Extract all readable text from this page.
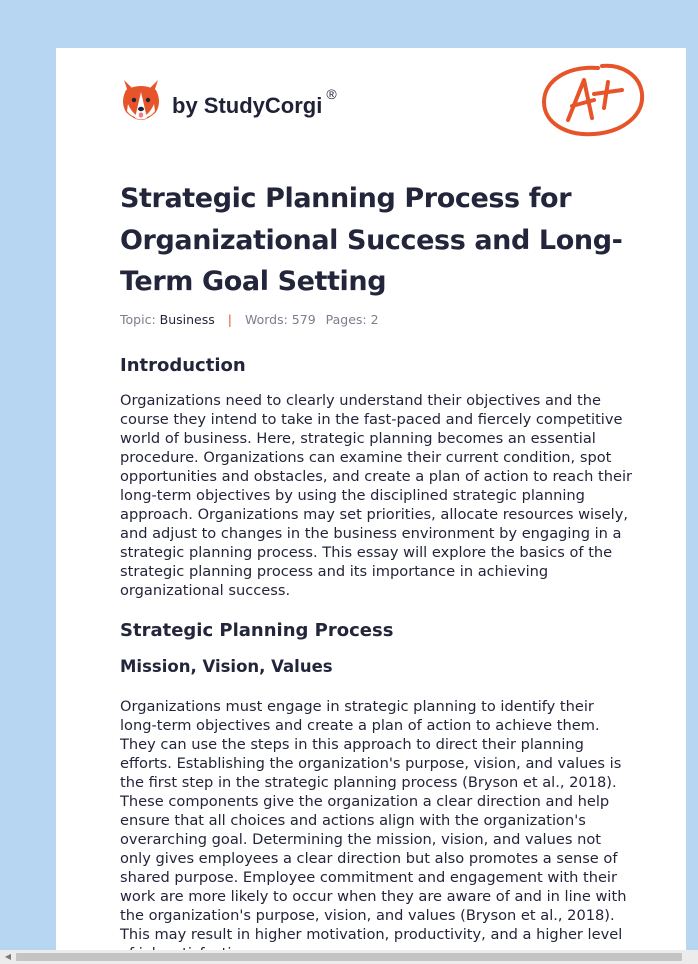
by StudyCorgi ®
Strategic Planning Process for Organizational Success and Long-Term Goal Setting
Topic: Business | Words: 579 Pages: 2
Introduction

Organizations need to clearly understand their objectives and the course they intend to take in the fast-paced and fiercely competitive world of business. Here, strategic planning becomes an essential procedure. Organizations can examine their current condition, spot opportunities and obstacles, and create a plan of action to reach their long-term objectives by using the disciplined strategic planning approach. Organizations may set priorities, allocate resources wisely, and adjust to changes in the business environment by engaging in a strategic planning process. This essay will explore the basics of the strategic planning process and its importance in achieving organizational success.

Strategic Planning Process
Mission, Vision, Values

Organizations must engage in strategic planning to identify their long-term objectives and create a plan of action to achieve them. They can use the steps in this approach to direct their planning efforts. Establishing the organization's purpose, vision, and values is the first step in the strategic planning process (Bryson et al., 2018). These components give the organization a clear direction and help ensure that all choices and actions align with the organization's overarching goal. Determining the mission, vision, and values not only gives employees a clear direction but also promotes a sense of shared purpose. Employee commitment and engagement with their work are more likely to occur when they are aware of and in line with the organization's purpose, vision, and values (Bryson et al., 2018). This may result in higher motivation, productivity, and a higher level

◀
